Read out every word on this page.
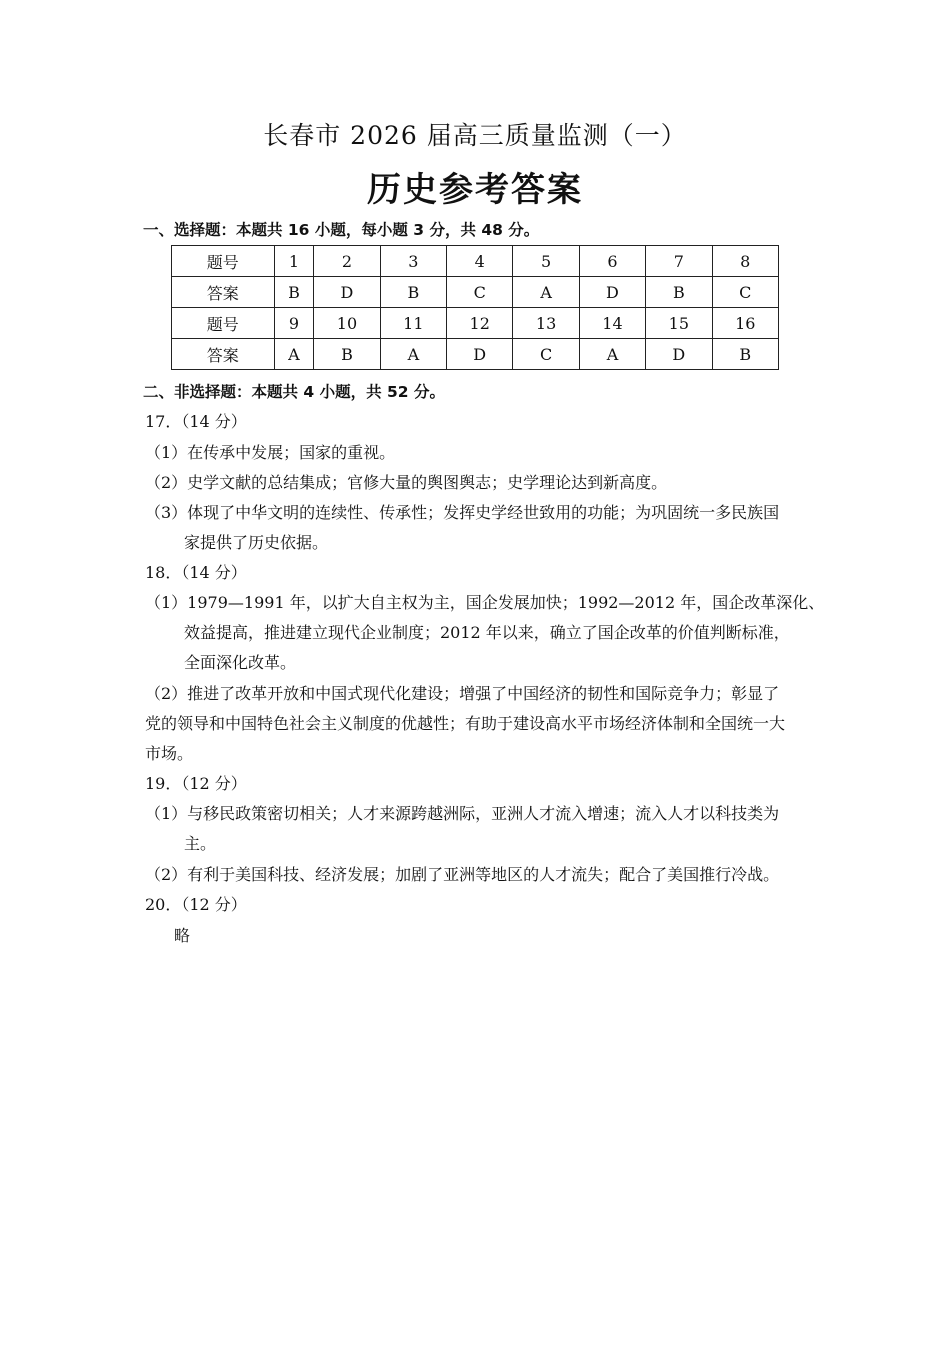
长春市 2026 届高三质量监测（一）
历史参考答案
一、选择题：本题共 16 小题，每小题 3 分，共 48 分。
题号	1	2	3	4	5	6	7	8
答案	B	D	B	C	A	D	B	C
题号	9	10	11	12	13	14	15	16
答案	A	B	A	D	C	A	D	B
二、非选择题：本题共 4 小题，共 52 分。
17．（14 分）
（1）在传承中发展；国家的重视。
（2）史学文献的总结集成；官修大量的舆图舆志；史学理论达到新高度。
（3）体现了中华文明的连续性、传承性；发挥史学经世致用的功能；为巩固统一多民族国
家提供了历史依据。
18．（14 分）
（1）1979—1991 年，以扩大自主权为主，国企发展加快；1992—2012 年，国企改革深化、
效益提高，推进建立现代企业制度；2012 年以来，确立了国企改革的价值判断标准，
全面深化改革。
（2）推进了改革开放和中国式现代化建设；增强了中国经济的韧性和国际竞争力；彰显了
党的领导和中国特色社会主义制度的优越性；有助于建设高水平市场经济体制和全国统一大
市场。
19．（12 分）
（1）与移民政策密切相关；人才来源跨越洲际，亚洲人才流入增速；流入人才以科技类为
主。
（2）有利于美国科技、经济发展；加剧了亚洲等地区的人才流失；配合了美国推行冷战。
20．（12 分）
略
